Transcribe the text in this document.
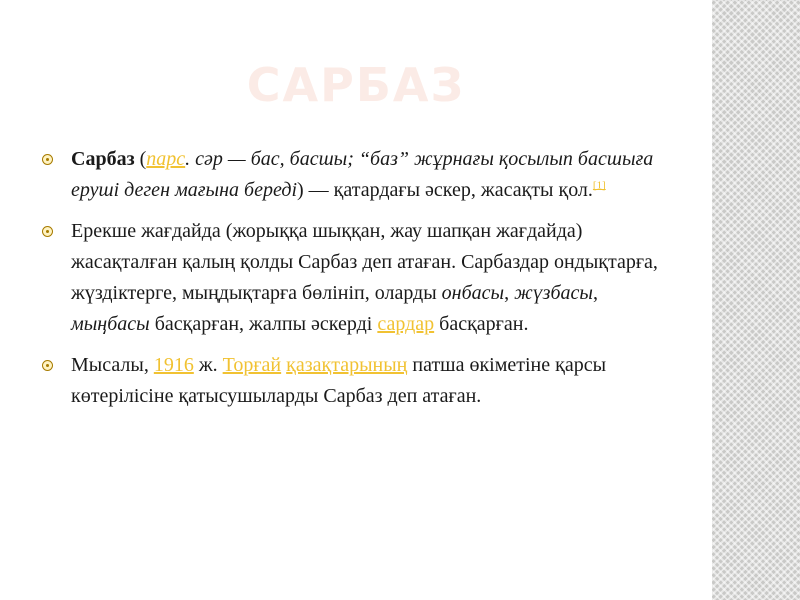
САРБАЗ
Сарбаз (парс. сәр — бас, басшы; “баз” жұрнағы қосылып басшыға еруші деген мағына береді) — қатардағы әскер, жасақты қол.[1]
Ерекше жағдайда (жорыққа шыққан, жау шапқан жағдайда) жасақталған қалың қолды Сарбаз деп атаған. Сарбаздар ондықтарға, жүздіктерге, мыңдықтарға бөлініп, оларды онбасы, жүзбасы, мыңбасы басқарған, жалпы әскерді сардар басқарған.
Мысалы, 1916 ж. Торғай қазақтарының патша өкіметіне қарсы көтерілісіне қатысушыларды Сарбаз деп атаған.
